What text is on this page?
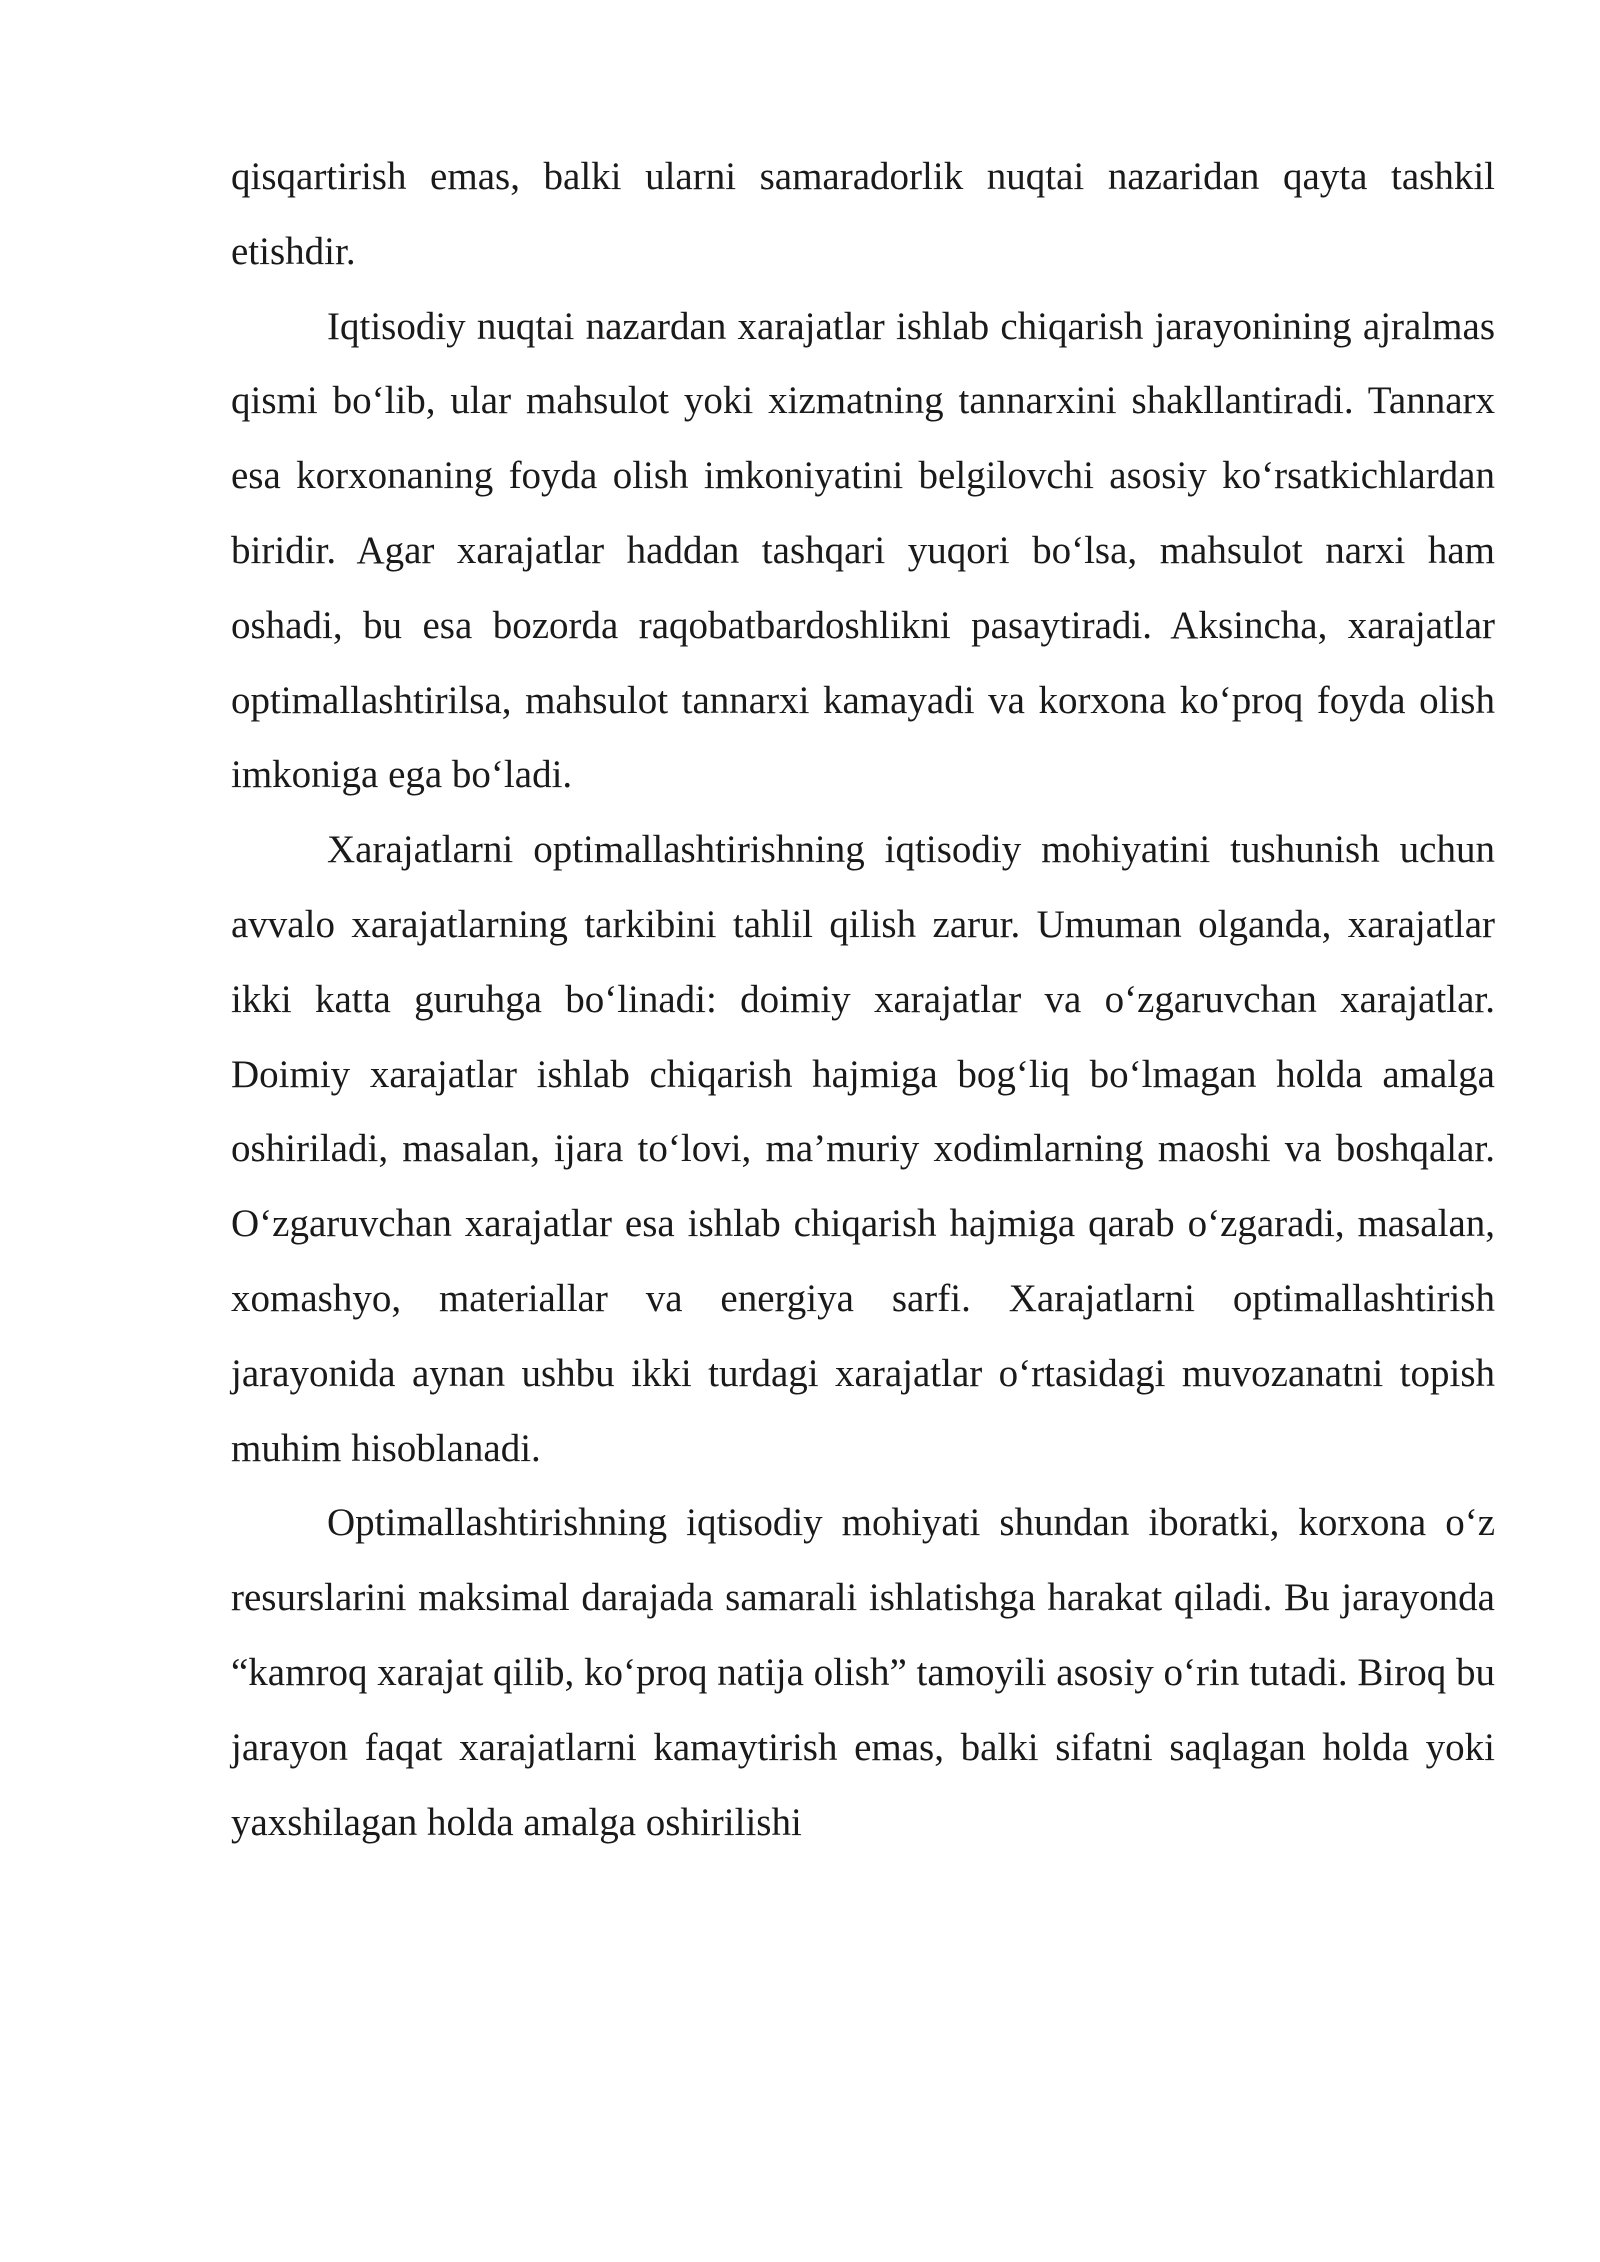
qisqartirish emas, balki ularni samaradorlik nuqtai nazaridan qayta tashkil etishdir.

Iqtisodiy nuqtai nazardan xarajatlar ishlab chiqarish jarayonining ajralmas qismi bo‘lib, ular mahsulot yoki xizmatning tannarxini shakllantiradi. Tannarx esa korxonaning foyda olish imkoniyatini belgilovchi asosiy ko‘rsatkichlardan biridir. Agar xarajatlar haddan tashqari yuqori bo‘lsa, mahsulot narxi ham oshadi, bu esa bozorda raqobatbardoshlikni pasaytiradi. Aksincha, xarajatlar optimallashtirilsa, mahsulot tannarxi kamayadi va korxona ko‘proq foyda olish imkoniga ega bo‘ladi.

Xarajatlarni optimallashtirishning iqtisodiy mohiyatini tushunish uchun avvalo xarajatlarning tarkibini tahlil qilish zarur. Umuman olganda, xarajatlar ikki katta guruhga bo‘linadi: doimiy xarajatlar va o‘zgaruvchan xarajatlar. Doimiy xarajatlar ishlab chiqarish hajmiga bog‘liq bo‘lmagan holda amalga oshiriladi, masalan, ijara to‘lovi, ma’muriy xodimlarning maoshi va boshqalar. O‘zgaruvchan xarajatlar esa ishlab chiqarish hajmiga qarab o‘zgaradi, masalan, xomashyo, materiallar va energiya sarfi. Xarajatlarni optimallashtirish jarayonida aynan ushbu ikki turdagi xarajatlar o‘rtasidagi muvozanatni topish muhim hisoblanadi.

Optimallashtirishning iqtisodiy mohiyati shundan iboratki, korxona o‘z resurslarini maksimal darajada samarali ishlatishga harakat qiladi. Bu jarayonda “kamroq xarajat qilib, ko‘proq natija olish” tamoyili asosiy o‘rin tutadi. Biroq bu jarayon faqat xarajatlarni kamaytirish emas, balki sifatni saqlagan holda yoki yaxshilagan holda amalga oshirilishi
